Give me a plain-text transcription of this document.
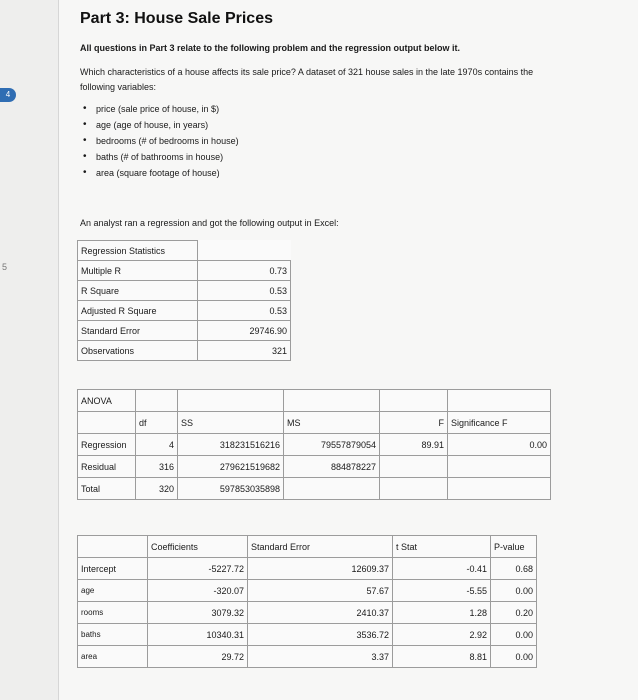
4
5
Part 3: House Sale Prices
All questions in Part 3 relate to the following problem and the regression output below it.
Which characteristics of a house affects its sale price? A dataset of 321 house sales in the late 1970s contains the following variables:
• price (sale price of house, in $)
• age (age of house, in years)
• bedrooms (# of bedrooms in house)
• baths (# of bathrooms in house)
• area (square footage of house)
An analyst ran a regression and got the following output in Excel:
Regression Statistics	
Multiple R	0.73
R Square	0.53
Adjusted R Square	0.53
Standard Error	29746.90
Observations	321
ANOVA					
	df	SS	MS	F	Significance F
Regression	4	318231516216	79557879054	89.91	0.00
Residual	316	279621519682	884878227		
Total	320	597853035898			
	Coefficients	Standard Error	t Stat	P-value
Intercept	-5227.72	12609.37	-0.41	0.68
age	-320.07	57.67	-5.55	0.00
rooms	3079.32	2410.37	1.28	0.20
baths	10340.31	3536.72	2.92	0.00
area	29.72	3.37	8.81	0.00
